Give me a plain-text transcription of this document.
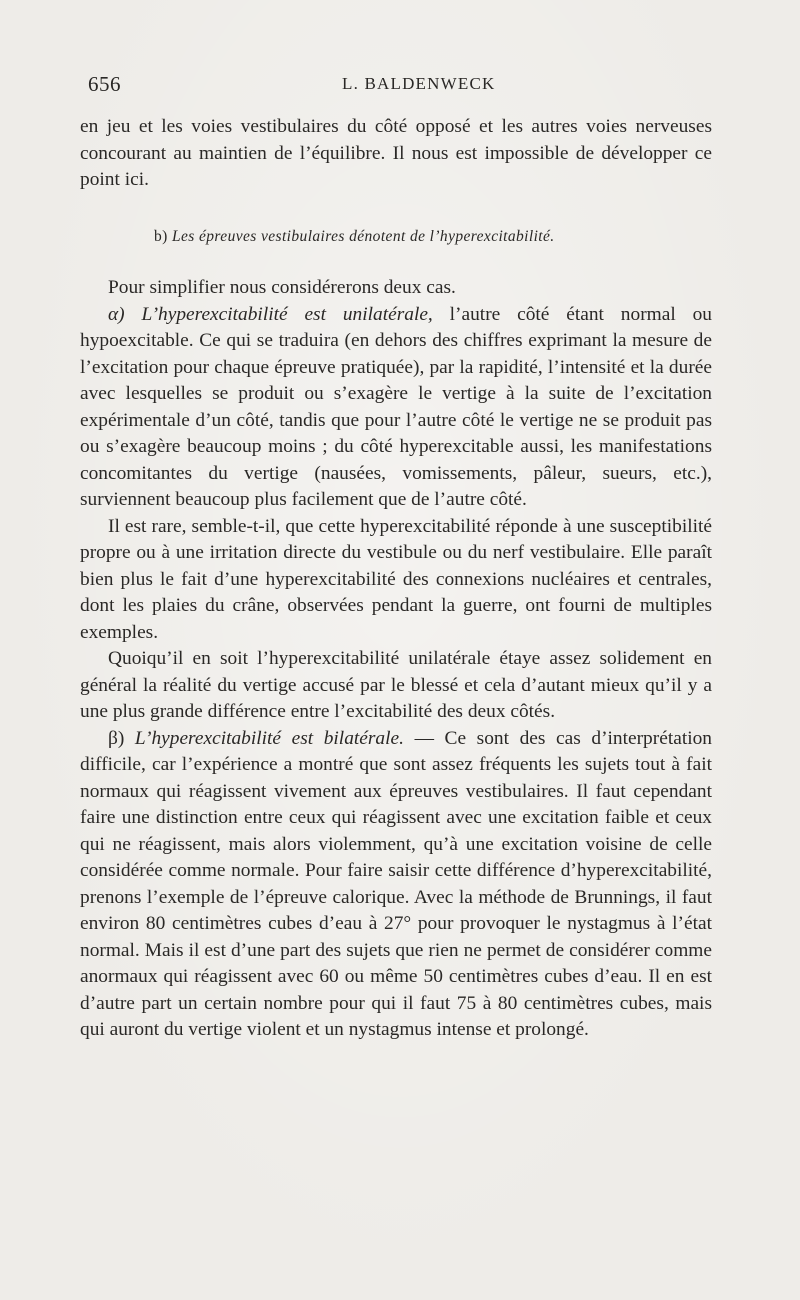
656	L. BALDENWECK

en jeu et les voies vestibulaires du côté opposé et les autres voies nerveuses concourant au maintien de l’équilibre. Il nous est impossible de développer ce point ici.

b) Les épreuves vestibulaires dénotent de l’hyperexcitabilité.

Pour simplifier nous considérerons deux cas.

α) L’hyperexcitabilité est unilatérale, l’autre côté étant normal ou hypoexcitable. Ce qui se traduira (en dehors des chiffres exprimant la mesure de l’excitation pour chaque épreuve pratiquée), par la rapidité, l’intensité et la durée avec lesquelles se produit ou s’exagère le vertige à la suite de l’excitation expérimentale d’un côté, tandis que pour l’autre côté le vertige ne se produit pas ou s’exagère beaucoup moins ; du côté hyperexcitable aussi, les manifestations concomitantes du vertige (nausées, vomissements, pâleur, sueurs, etc.), surviennent beaucoup plus facilement que de l’autre côté.

Il est rare, semble-t-il, que cette hyperexcitabilité réponde à une susceptibilité propre ou à une irritation directe du vestibule ou du nerf vestibulaire. Elle paraît bien plus le fait d’une hyperexcitabilité des connexions nucléaires et centrales, dont les plaies du crâne, observées pendant la guerre, ont fourni de multiples exemples.

Quoiqu’il en soit l’hyperexcitabilité unilatérale étaye assez solidement en général la réalité du vertige accusé par le blessé et cela d’autant mieux qu’il y a une plus grande différence entre l’excitabilité des deux côtés.

β) L’hyperexcitabilité est bilatérale. — Ce sont des cas d’interprétation difficile, car l’expérience a montré que sont assez fréquents les sujets tout à fait normaux qui réagissent vivement aux épreuves vestibulaires. Il faut cependant faire une distinction entre ceux qui réagissent avec une excitation faible et ceux qui ne réagissent, mais alors violemment, qu’à une excitation voisine de celle considérée comme normale. Pour faire saisir cette différence d’hyperexcitabilité, prenons l’exemple de l’épreuve calorique. Avec la méthode de Brunnings, il faut environ 80 centimètres cubes d’eau à 27° pour provoquer le nystagmus à l’état normal. Mais il est d’une part des sujets que rien ne permet de considérer comme anormaux qui réagissent avec 60 ou même 50 centimètres cubes d’eau. Il en est d’autre part un certain nombre pour qui il faut 75 à 80 centimètres cubes, mais qui auront du vertige violent et un nystagmus intense et prolongé.
